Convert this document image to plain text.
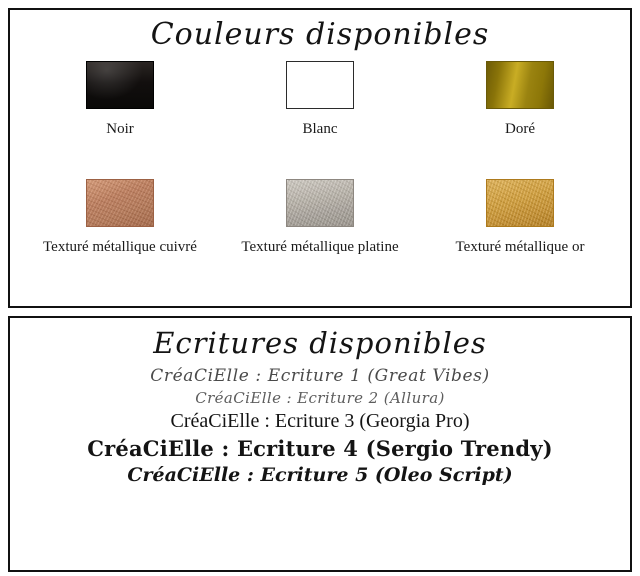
Couleurs disponibles
Noir	Blanc	Doré
Texturé métallique cuivré	Texturé métallique platine	Texturé métallique or
Ecritures disponibles
CréaCiElle : Ecriture 1 (Great Vibes)
CréaCiElle : Ecriture 2 (Allura)
CréaCiElle : Ecriture 3 (Georgia Pro)
CréaCiElle : Ecriture 4 (Sergio Trendy)
CréaCiElle : Ecriture 5 (Oleo Script)
